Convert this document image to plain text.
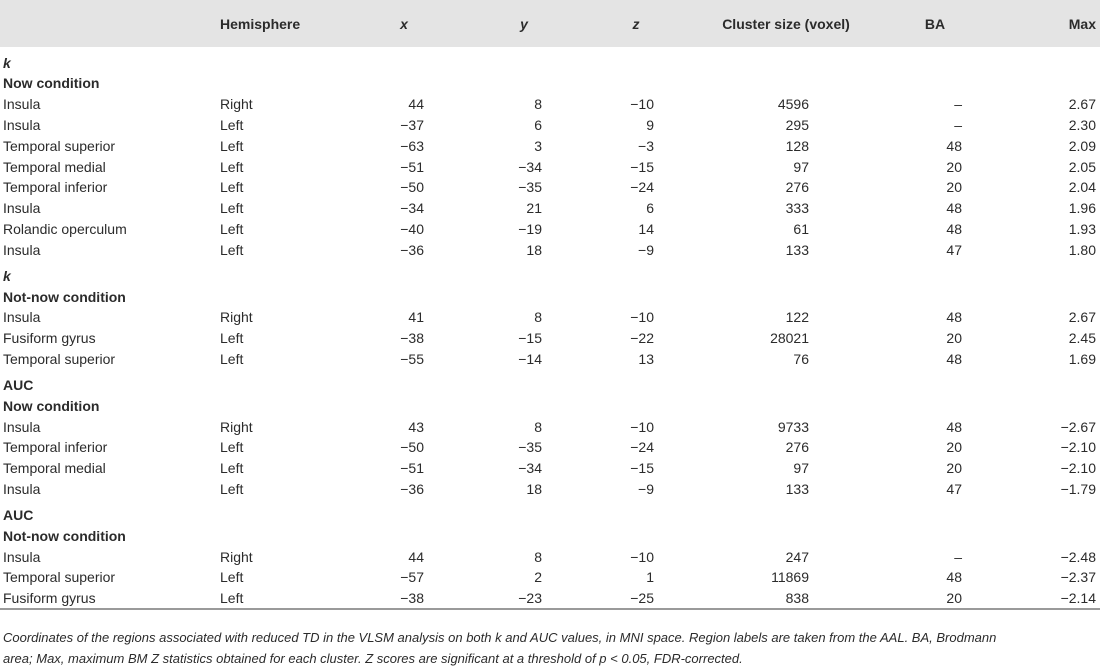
	Hemisphere	x	y	z	Cluster size (voxel)	BA	Max
k							
Now condition							
Insula	Right	44	8	−10	4596	–	2.67
Insula	Left	−37	6	9	295	–	2.30
Temporal superior	Left	−63	3	−3	128	48	2.09
Temporal medial	Left	−51	−34	−15	97	20	2.05
Temporal inferior	Left	−50	−35	−24	276	20	2.04
Insula	Left	−34	21	6	333	48	1.96
Rolandic operculum	Left	−40	−19	14	61	48	1.93
Insula	Left	−36	18	−9	133	47	1.80
k							
Not-now condition							
Insula	Right	41	8	−10	122	48	2.67
Fusiform gyrus	Left	−38	−15	−22	28021	20	2.45
Temporal superior	Left	−55	−14	13	76	48	1.69
AUC							
Now condition							
Insula	Right	43	8	−10	9733	48	−2.67
Temporal inferior	Left	−50	−35	−24	276	20	−2.10
Temporal medial	Left	−51	−34	−15	97	20	−2.10
Insula	Left	−36	18	−9	133	47	−1.79
AUC							
Not-now condition							
Insula	Right	44	8	−10	247	–	−2.48
Temporal superior	Left	−57	2	1	11869	48	−2.37
Fusiform gyrus	Left	−38	−23	−25	838	20	−2.14
Coordinates of the regions associated with reduced TD in the VLSM analysis on both k and AUC values, in MNI space. Region labels are taken from the AAL. BA, Brodmann
area; Max, maximum BM Z statistics obtained for each cluster. Z scores are significant at a threshold of p < 0.05, FDR-corrected.
